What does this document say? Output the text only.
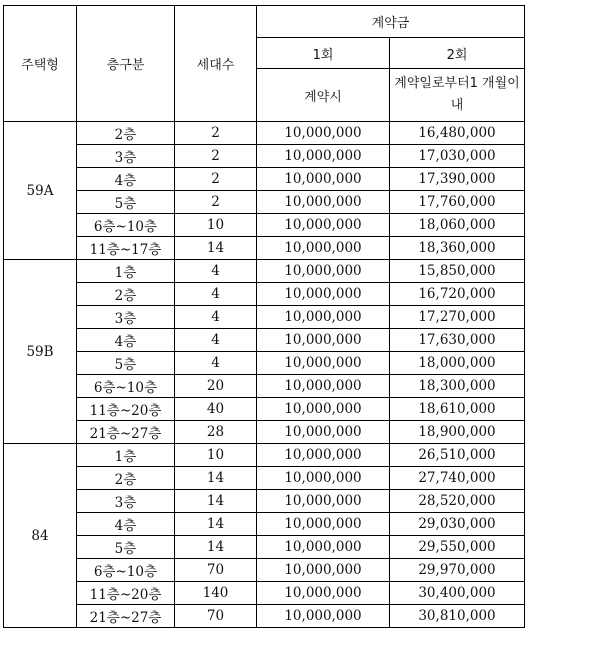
주택형	층구분	세대수	계약금	
			1회	2회
			계약시	계약일로부터1 개월이내
59A	2층	2	10,000,000	16,480,000
	3층	2	10,000,000	17,030,000
	4층	2	10,000,000	17,390,000
	5층	2	10,000,000	17,760,000
	6층~10층	10	10,000,000	18,060,000
	11층~17층	14	10,000,000	18,360,000
59B	1층	4	10,000,000	15,850,000
	2층	4	10,000,000	16,720,000
	3층	4	10,000,000	17,270,000
	4층	4	10,000,000	17,630,000
	5층	4	10,000,000	18,000,000
	6층~10층	20	10,000,000	18,300,000
	11층~20층	40	10,000,000	18,610,000
	21층~27층	28	10,000,000	18,900,000
84	1층	10	10,000,000	26,510,000
	2층	14	10,000,000	27,740,000
	3층	14	10,000,000	28,520,000
	4층	14	10,000,000	29,030,000
	5층	14	10,000,000	29,550,000
	6층~10층	70	10,000,000	29,970,000
	11층~20층	140	10,000,000	30,400,000
	21층~27층	70	10,000,000	30,810,000
